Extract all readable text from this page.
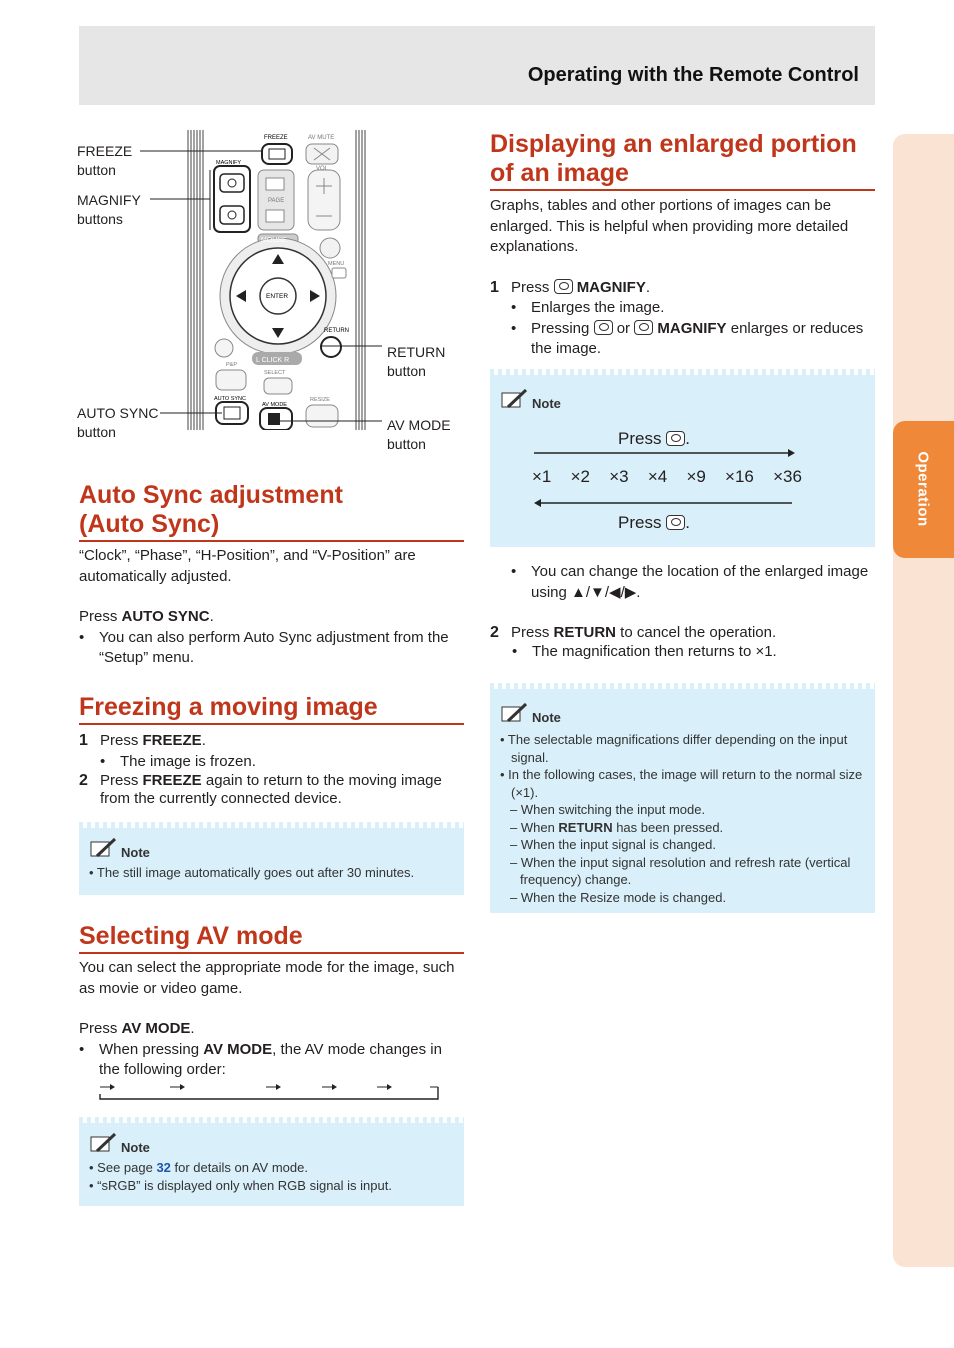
Operating with the Remote Control
Operation
FREEZE	AV MUTE
MAGNIFY
VOL
PAGE
MOUSE
MENU
ENTER
RETURN
P&P
L CLICK R
SELECT
AUTO SYNC
AV MODE
RESIZE
FREEZE
button
MAGNIFY
buttons
RETURN
button
AUTO SYNC
button	AV MODE
button
Auto Sync adjustment
(Auto Sync)
“Clock”, “Phase”, “H-Position”, and “V-Position” are automatically adjusted.
Press AUTO SYNC.
• You can also perform Auto Sync adjustment from the “Setup” menu.
Freezing a moving image
1 Press FREEZE.
• The image is frozen.
2 Press FREEZE again to return to the moving image from the currently connected device.
Note
• The still image automatically goes out after 30 minutes.
Selecting AV mode
You can select the appropriate mode for the image, such as movie or video game.
Press AV MODE.
• When pressing AV MODE, the AV mode changes in the following order:
Note
• See page 32 for details on AV mode.
• “sRGB” is displayed only when RGB signal is input.
Displaying an enlarged portion
of an image
Graphs, tables and other portions of images can be enlarged. This is helpful when providing more detailed explanations.
1 Press  MAGNIFY.
• Enlarges the image.
• Pressing  or  MAGNIFY enlarges or reduces the image.
Note
Press .
×1 ×2 ×3 ×4 ×9 ×16 ×36
Press .
• You can change the location of the enlarged image using ▲/▼/◀/▶.
2 Press RETURN to cancel the operation.
• The magnification then returns to ×1.
Note
• The selectable magnifications differ depending on the input signal.
• In the following cases, the image will return to the normal size (×1).
– When switching the input mode.
– When RETURN has been pressed.
– When the input signal is changed.
– When the input signal resolution and refresh rate (vertical frequency) change.
– When the Resize mode is changed.
